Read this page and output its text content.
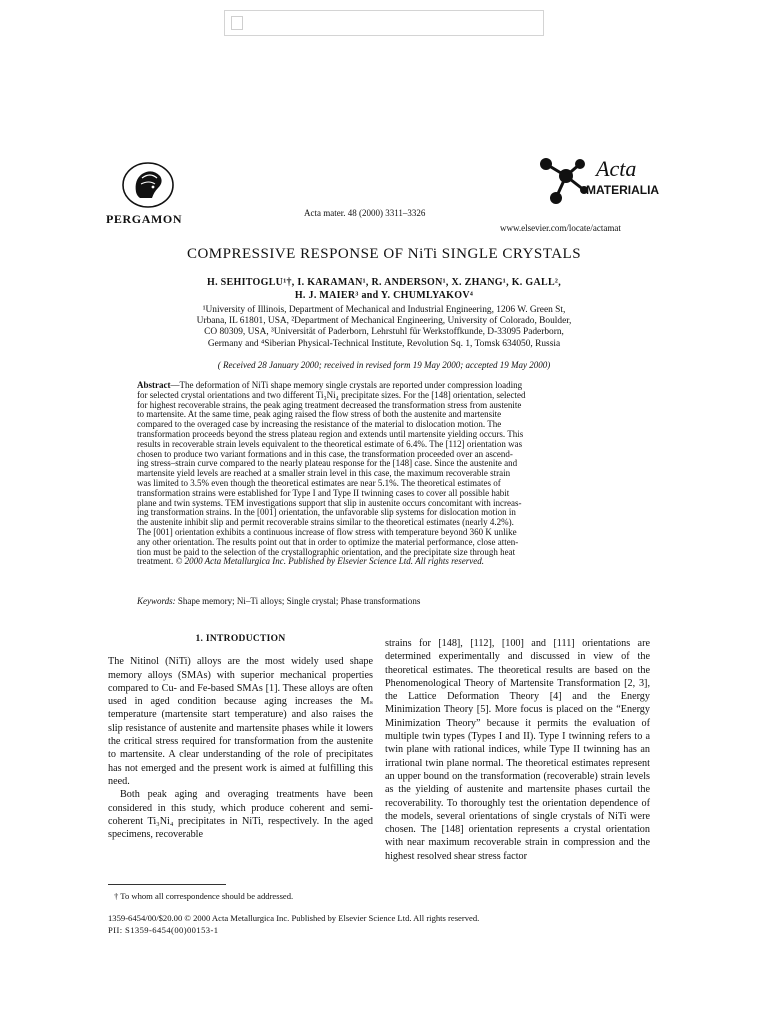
PERGAMON	Acta mater. 48 (2000) 3311–3326
Acta
MATERIALIA
www.elsevier.com/locate/actamat
COMPRESSIVE RESPONSE OF NiTi SINGLE CRYSTALS
H. SEHITOGLU¹†, I. KARAMAN¹, R. ANDERSON¹, X. ZHANG¹, K. GALL²,
H. J. MAIER³ and Y. CHUMLYAKOV⁴
¹University of Illinois, Department of Mechanical and Industrial Engineering, 1206 W. Green St,
Urbana, IL 61801, USA, ²Department of Mechanical Engineering, University of Colorado, Boulder,
CO 80309, USA, ³Universität of Paderborn, Lehrstuhl für Werkstoffkunde, D-33095 Paderborn,
Germany and ⁴Siberian Physical-Technical Institute, Revolution Sq. 1, Tomsk 634050, Russia
( Received 28 January 2000; received in revised form 19 May 2000; accepted 19 May 2000)
Abstract—The deformation of NiTi shape memory single crystals are reported under compression loading
for selected crystal orientations and two different Ti₃Ni₄ precipitate sizes. For the [148] orientation, selected
for highest recoverable strains, the peak aging treatment decreased the transformation stress from austenite
to martensite. At the same time, peak aging raised the flow stress of both the austenite and martensite
compared to the overaged case by increasing the resistance of the material to dislocation motion. The
transformation proceeds beyond the stress plateau region and extends until martensite yielding occurs. This
results in recoverable strain levels equivalent to the theoretical estimate of 6.4%. The [112] orientation was
chosen to produce two variant formations and in this case, the transformation proceeded over an ascend-
ing stress–strain curve compared to the nearly plateau response for the [148] case. Since the austenite and
martensite yield levels are reached at a smaller strain level in this case, the maximum recoverable strain
was limited to 3.5% even though the theoretical estimates are near 5.1%. The theoretical estimates of
transformation strains were established for Type I and Type II twinning cases to cover all possible habit
plane and twin systems. TEM investigations support that slip in austenite occurs concomitant with increas-
ing transformation strains. In the [001] orientation, the unfavorable slip systems for dislocation motion in
the austenite inhibit slip and permit recoverable strains similar to the theoretical estimates (nearly 4.2%).
The [001] orientation exhibits a continuous increase of flow stress with temperature beyond 360 K unlike
any other orientation. The results point out that in order to optimize the material performance, close atten-
tion must be paid to the selection of the crystallographic orientation, and the precipitate size through heat
treatment. © 2000 Acta Metallurgica Inc. Published by Elsevier Science Ltd. All rights reserved.
Keywords: Shape memory; Ni–Ti alloys; Single crystal; Phase transformations
1. INTRODUCTION

The Nitinol (NiTi) alloys are the most widely used shape memory alloys (SMAs) with superior mechanical properties compared to Cu- and Fe-based SMAs [1]. These alloys are often used in aged condition because aging increases the Mₛ temperature (martensite start temperature) and also raises the slip resistance of austenite and martensite phases while it lowers the critical stress required for transformation from the austenite to martensite. A clear understanding of the role of precipitates has not emerged and the present work is aimed at fulfilling this need.

Both peak aging and overaging treatments have been considered in this study, which produce coherent and semi-coherent Ti₃Ni₄ precipitates in NiTi, respectively. In the aged specimens, recoverable

strains for [148], [112], [100] and [111] orientations are determined experimentally and discussed in view of the theoretical estimates. The theoretical results are based on the Phenomenological Theory of Martensite Transformation [2, 3], the Lattice Deformation Theory [4] and the Energy Minimization Theory [5]. More focus is placed on the “Energy Minimization Theory” because it permits the evaluation of multiple twin types (Types I and II). Type I twinning refers to a twin plane with rational indices, while Type II twinning has an irrational twin plane normal. The theoretical estimates represent an upper bound on the transformation (recoverable) strain levels as the yielding of austenite and martensite phases curtail the recoverability. To thoroughly test the orientation dependence of the models, several orientations of single crystals of NiTi were chosen. The [148] orientation represents a crystal orientation with near maximum recoverable strain in compression and the highest resolved shear stress factor

† To whom all correspondence should be addressed.
1359-6454/00/$20.00 © 2000 Acta Metallurgica Inc. Published by Elsevier Science Ltd. All rights reserved.
PII: S1359-6454(00)00153-1
